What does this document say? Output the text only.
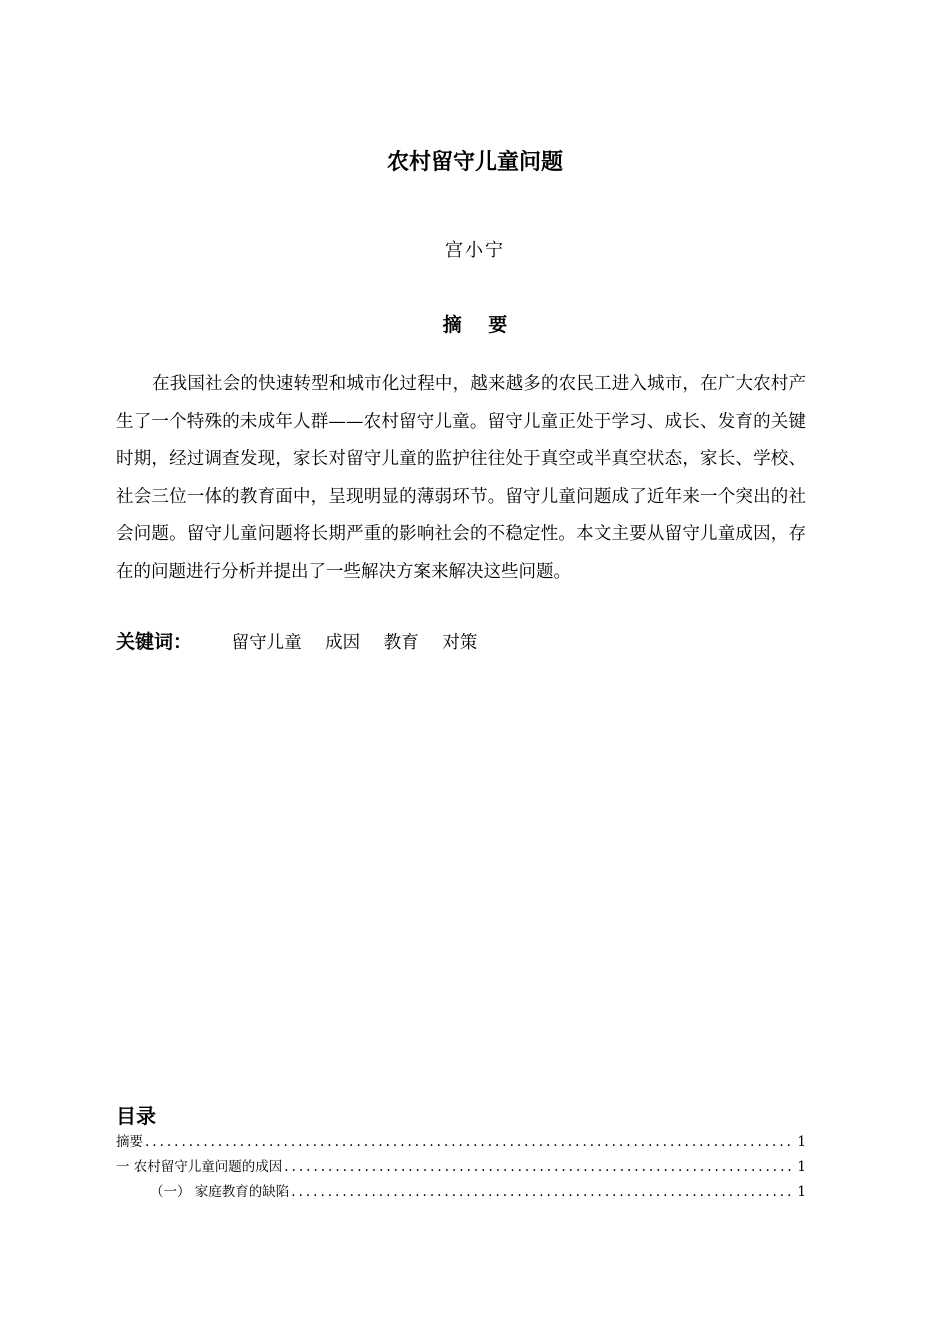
农村留守儿童问题
宫小宁
摘 要

在我国社会的快速转型和城市化过程中，越来越多的农民工进入城市，在广大农村产生了一个特殊的未成年人群——农村留守儿童。留守儿童正处于学习、成长、发育的关键时期，经过调查发现，家长对留守儿童的监护往往处于真空或半真空状态，家长、学校、社会三位一体的教育面中，呈现明显的薄弱环节。留守儿童问题成了近年来一个突出的社会问题。留守儿童问题将长期严重的影响社会的不稳定性。本文主要从留守儿童成因，存在的问题进行分析并提出了一些解决方案来解决这些问题。

关键词： 留守儿童 成因 教育 对策
目录
摘要 .....	1
一 农村留守儿童问题的成因 .....	1
（一） 家庭教育的缺陷 .....	1
